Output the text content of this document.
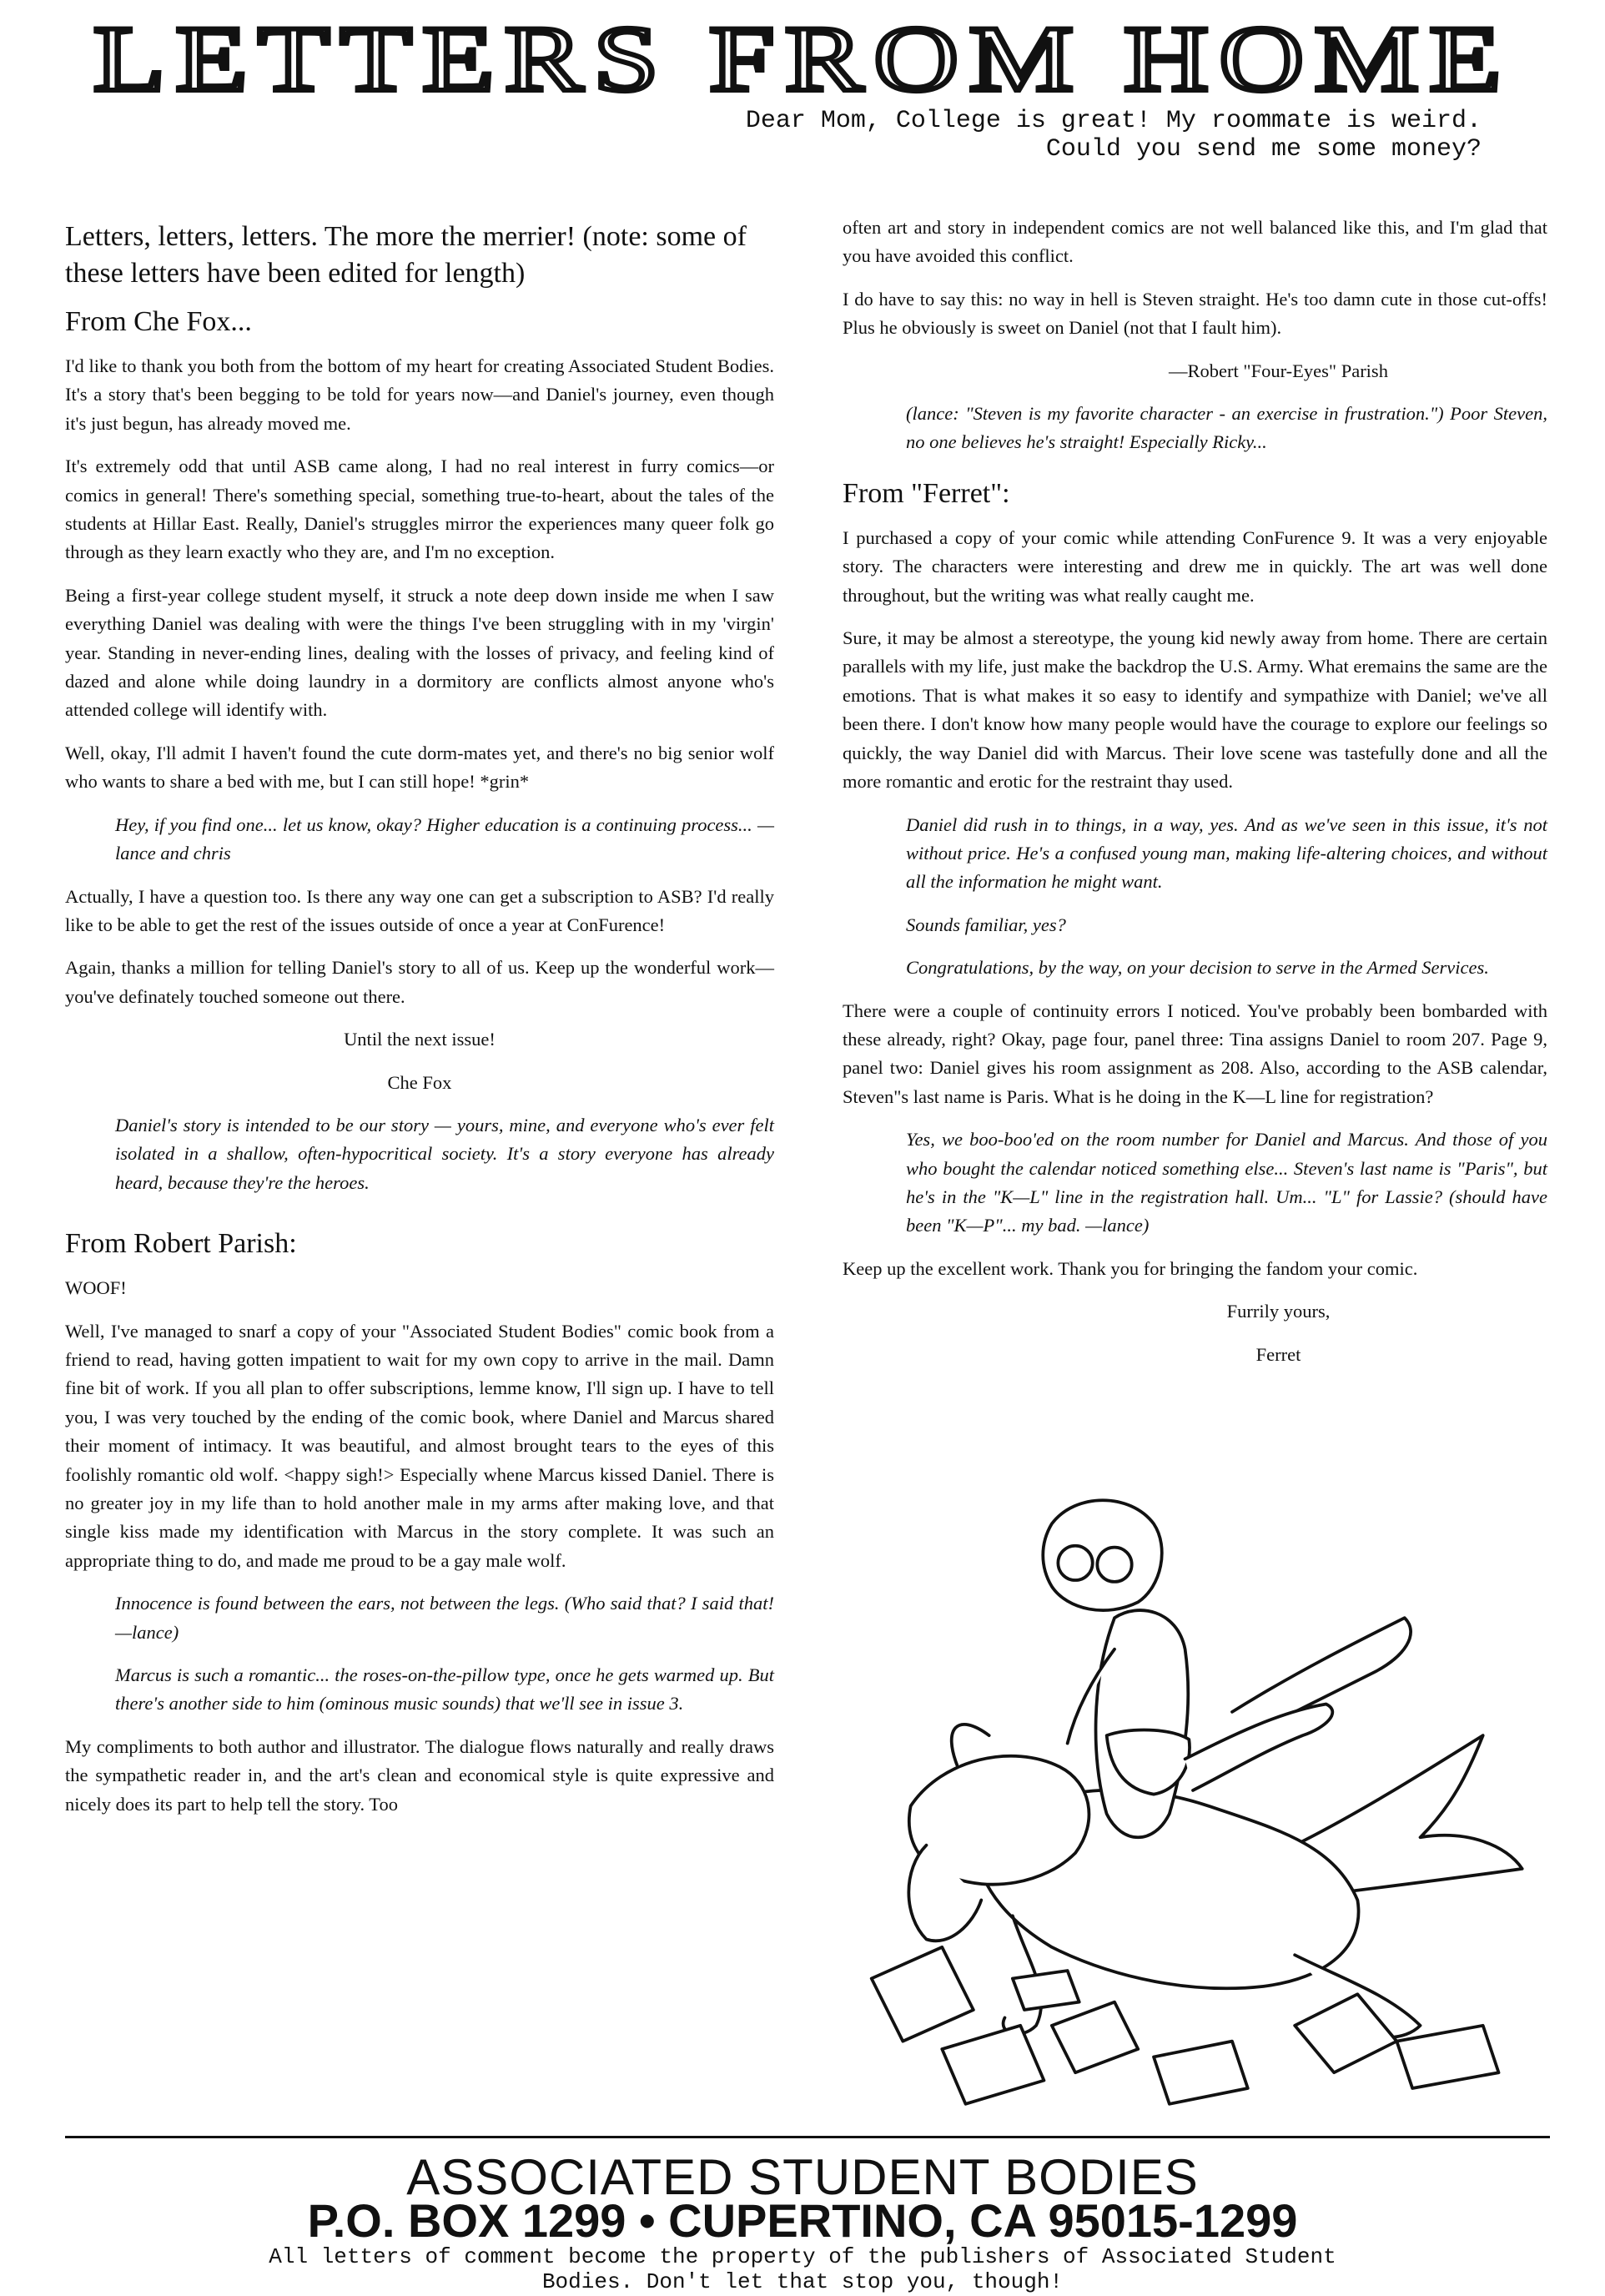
LETTERS FROM HOME
Dear Mom, College is great! My roommate is weird.
Could you send me some money?
Letters, letters, letters. The more the merrier! (note: some of these letters have been edited for length)
From Che Fox...

I'd like to thank you both from the bottom of my heart for creating Associated Student Bodies. It's a story that's been begging to be told for years now—and Daniel's journey, even though it's just begun, has already moved me.

It's extremely odd that until ASB came along, I had no real interest in furry comics—or comics in general! There's something special, something true-to-heart, about the tales of the students at Hillar East. Really, Daniel's struggles mirror the experiences many queer folk go through as they learn exactly who they are, and I'm no exception.

Being a first-year college student myself, it struck a note deep down inside me when I saw everything Daniel was dealing with were the things I've been struggling with in my 'virgin' year. Standing in never-ending lines, dealing with the losses of privacy, and feeling kind of dazed and alone while doing laundry in a dormitory are conflicts almost anyone who's attended college will identify with.

Well, okay, I'll admit I haven't found the cute dorm-mates yet, and there's no big senior wolf who wants to share a bed with me, but I can still hope! *grin*

Hey, if you find one... let us know, okay? Higher education is a continuing process... —lance and chris

Actually, I have a question too. Is there any way one can get a subscription to ASB? I'd really like to be able to get the rest of the issues outside of once a year at ConFurence!

Again, thanks a million for telling Daniel's story to all of us. Keep up the wonderful work—you've definately touched someone out there.

Until the next issue!

Che Fox

Daniel's story is intended to be our story — yours, mine, and everyone who's ever felt isolated in a shallow, often-hypocritical society. It's a story everyone has already heard, because they're the heroes.

From Robert Parish:

WOOF!

Well, I've managed to snarf a copy of your "Associated Student Bodies" comic book from a friend to read, having gotten impatient to wait for my own copy to arrive in the mail. Damn fine bit of work. If you all plan to offer subscriptions, lemme know, I'll sign up. I have to tell you, I was very touched by the ending of the comic book, where Daniel and Marcus shared their moment of intimacy. It was beautiful, and almost brought tears to the eyes of this foolishly romantic old wolf. <happy sigh!> Especially whene Marcus kissed Daniel. There is no greater joy in my life than to hold another male in my arms after making love, and that single kiss made my identification with Marcus in the story complete. It was such an appropriate thing to do, and made me proud to be a gay male wolf.

Innocence is found between the ears, not between the legs. (Who said that? I said that! —lance)

Marcus is such a romantic... the roses-on-the-pillow type, once he gets warmed up. But there's another side to him (ominous music sounds) that we'll see in issue 3.

My compliments to both author and illustrator. The dialogue flows naturally and really draws the sympathetic reader in, and the art's clean and economical style is quite expressive and nicely does its part to help tell the story. Too

often art and story in independent comics are not well balanced like this, and I'm glad that you have avoided this conflict.

I do have to say this: no way in hell is Steven straight. He's too damn cute in those cut-offs! Plus he obviously is sweet on Daniel (not that I fault him).

—Robert "Four-Eyes" Parish

(lance: "Steven is my favorite character - an exercise in frustration.") Poor Steven, no one believes he's straight! Especially Ricky...

From "Ferret":

I purchased a copy of your comic while attending ConFurence 9. It was a very enjoyable story. The characters were interesting and drew me in quickly. The art was well done throughout, but the writing was what really caught me.

Sure, it may be almost a stereotype, the young kid newly away from home. There are certain parallels with my life, just make the backdrop the U.S. Army. What eremains the same are the emotions. That is what makes it so easy to identify and sympathize with Daniel; we've all been there. I don't know how many people would have the courage to explore our feelings so quickly, the way Daniel did with Marcus. Their love scene was tastefully done and all the more romantic and erotic for the restraint thay used.

Daniel did rush in to things, in a way, yes. And as we've seen in this issue, it's not without price. He's a confused young man, making life-altering choices, and without all the information he might want.

Sounds familiar, yes?

Congratulations, by the way, on your decision to serve in the Armed Services.

There were a couple of continuity errors I noticed. You've probably been bombarded with these already, right? Okay, page four, panel three: Tina assigns Daniel to room 207. Page 9, panel two: Daniel gives his room assignment as 208. Also, according to the ASB calendar, Steven"s last name is Paris. What is he doing in the K—L line for registration?

Yes, we boo-boo'ed on the room number for Daniel and Marcus. And those of you who bought the calendar noticed something else... Steven's last name is "Paris", but he's in the "K—L" line in the registration hall. Um... "L" for Lassie? (should have been "K—P"... my bad. —lance)

Keep up the excellent work. Thank you for bringing the fandom your comic.

Furrily yours,

Ferret

ASSOCIATED STUDENT BODIES
P.O. BOX 1299 • CUPERTINO, CA 95015-1299
All letters of comment become the property of the publishers of Associated Student
Bodies. Don't let that stop you, though!
